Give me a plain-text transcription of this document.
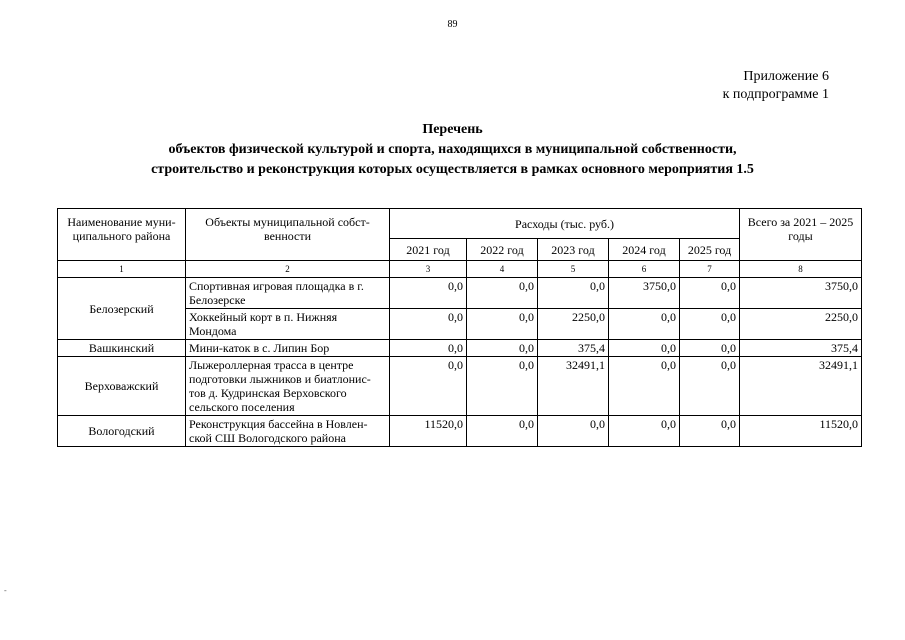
89
Приложение 6
к подпрограмме 1
Перечень
объектов физической культурой и спорта, находящихся в муниципальной собственности,
строительство и реконструкция которых осуществляется в рамках основного мероприятия 1.5
Наименование муни-ципального района	Объекты муниципальной собст-венности	Расходы (тыс. руб.)					Всего за 2021 – 2025 годы
		2021 год	2022 год	2023 год	2024 год	2025 год	
1	2	3	4	5	6	7	8
Белозерский	Спортивная игровая площадка в г. Белозерске	0,0	0,0	0,0	3750,0	0,0	3750,0
	Хоккейный корт в п. Нижняя Мондома	0,0	0,0	2250,0	0,0	0,0	2250,0
Вашкинский	Мини-каток в с. Липин Бор	0,0	0,0	375,4	0,0	0,0	375,4
Верховажский	Лыжероллерная трасса в центре подготовки лыжников и биатлонис-тов д. Кудринская Верховского сельского поселения	0,0	0,0	32491,1	0,0	0,0	32491,1
Вологодский	Реконструкция бассейна в Новлен-ской СШ Вологодского района	11520,0	0,0	0,0	0,0	0,0	11520,0
-
